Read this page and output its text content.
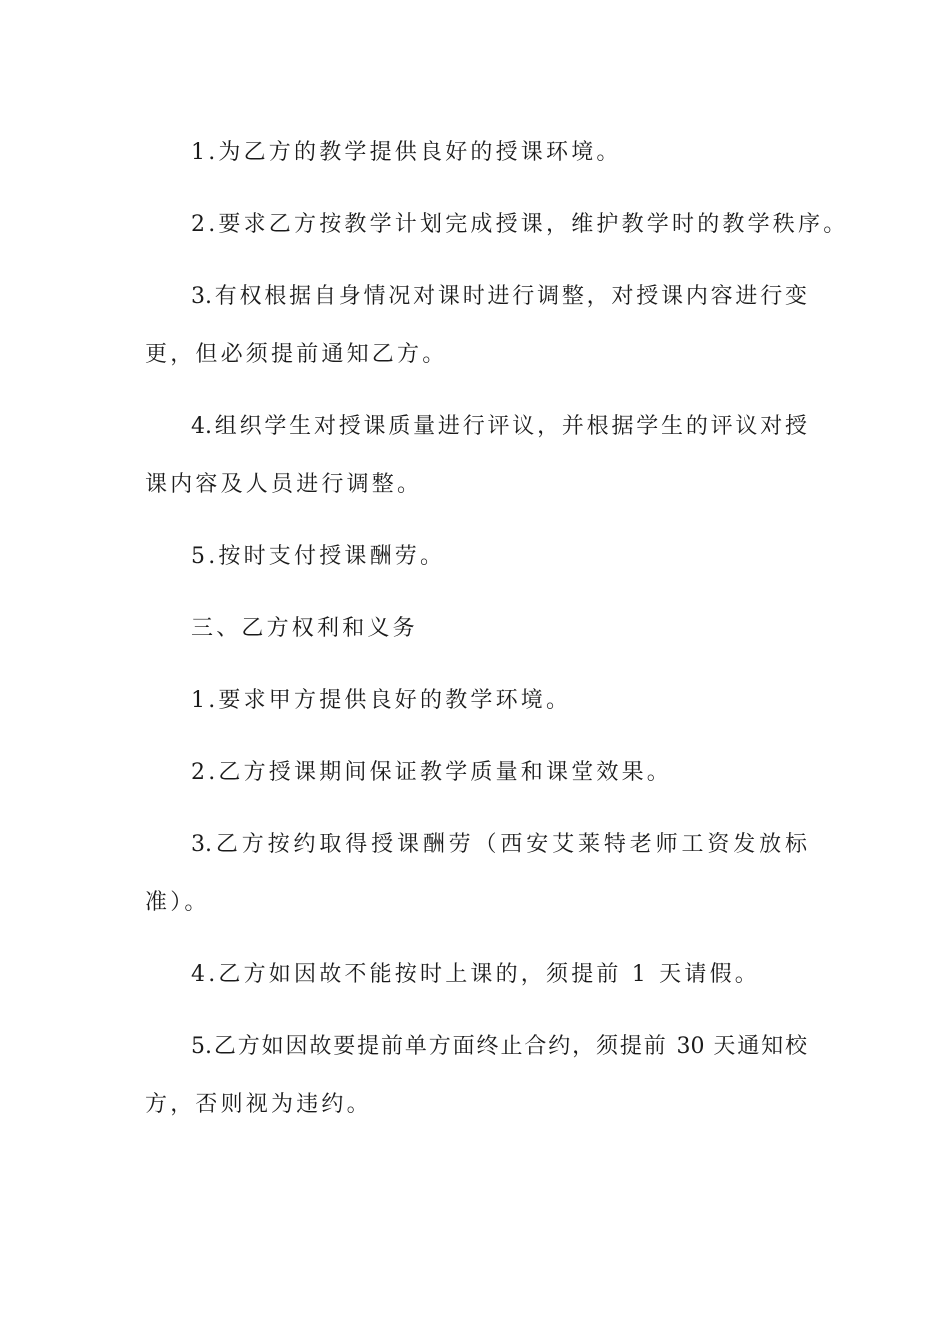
1.为乙方的教学提供良好的授课环境。
2.要求乙方按教学计划完成授课，维护教学时的教学秩序。
3.有权根据自身情况对课时进行调整，对授课内容进行变
更，但必须提前通知乙方。
4.组织学生对授课质量进行评议，并根据学生的评议对授
课内容及人员进行调整。
5.按时支付授课酬劳。
三、乙方权利和义务
1.要求甲方提供良好的教学环境。
2.乙方授课期间保证教学质量和课堂效果。
3.乙方按约取得授课酬劳（西安艾莱特老师工资发放标
准）。
4.乙方如因故不能按时上课的，须提前 1 天请假。
5.乙方如因故要提前单方面终止合约，须提前 30 天通知校
方，否则视为违约。
